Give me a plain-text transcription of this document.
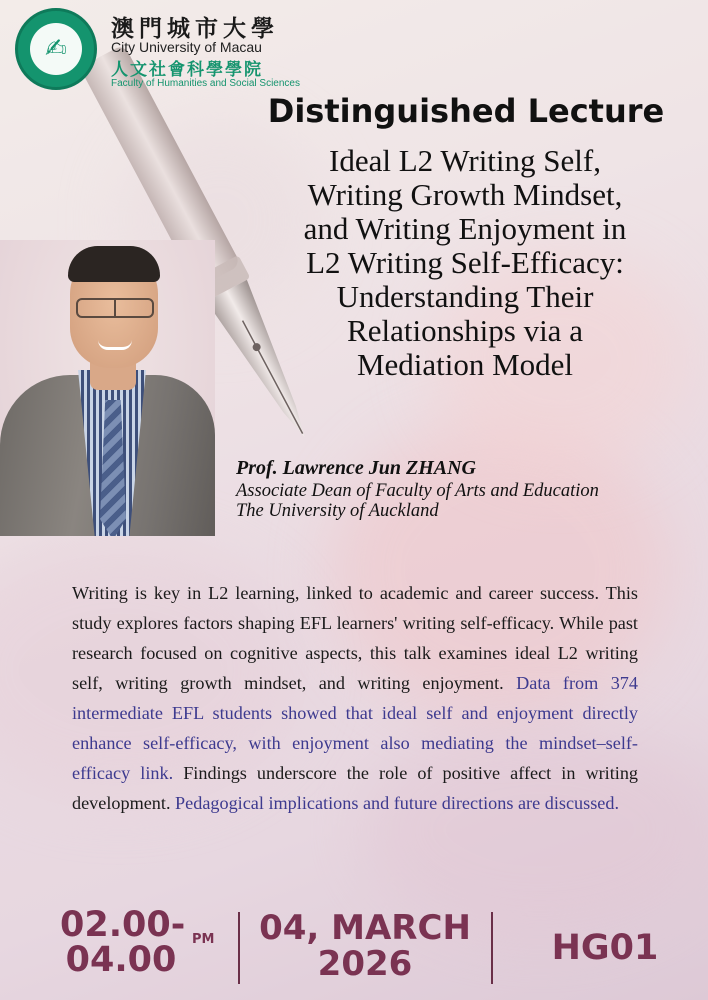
✍
澳門城市大學
City University of Macau
人文社會科學學院
Faculty of Humanities and Social Sciences
Distinguished Lecture
Ideal L2 Writing Self,
Writing Growth Mindset,
and Writing Enjoyment in
L2 Writing Self-Efficacy:
Understanding Their
Relationships via a
Mediation Model
Prof. Lawrence Jun ZHANG
Associate Dean of Faculty of Arts and Education
The University of Auckland
Writing is key in L2 learning, linked to academic and career success. This study explores factors shaping EFL learners' writing self-efficacy. While past research focused on cognitive aspects, this talk examines ideal L2 writing self, writing growth mindset, and writing enjoyment. Data from 374 intermediate EFL students showed that ideal self and enjoyment directly enhance self-efficacy, with enjoyment also mediating the mindset–self-efficacy link. Findings underscore the role of positive affect in writing development. Pedagogical implications and future directions are discussed.
02.00-
04.00
PM 04, MARCH
2026	HG01
